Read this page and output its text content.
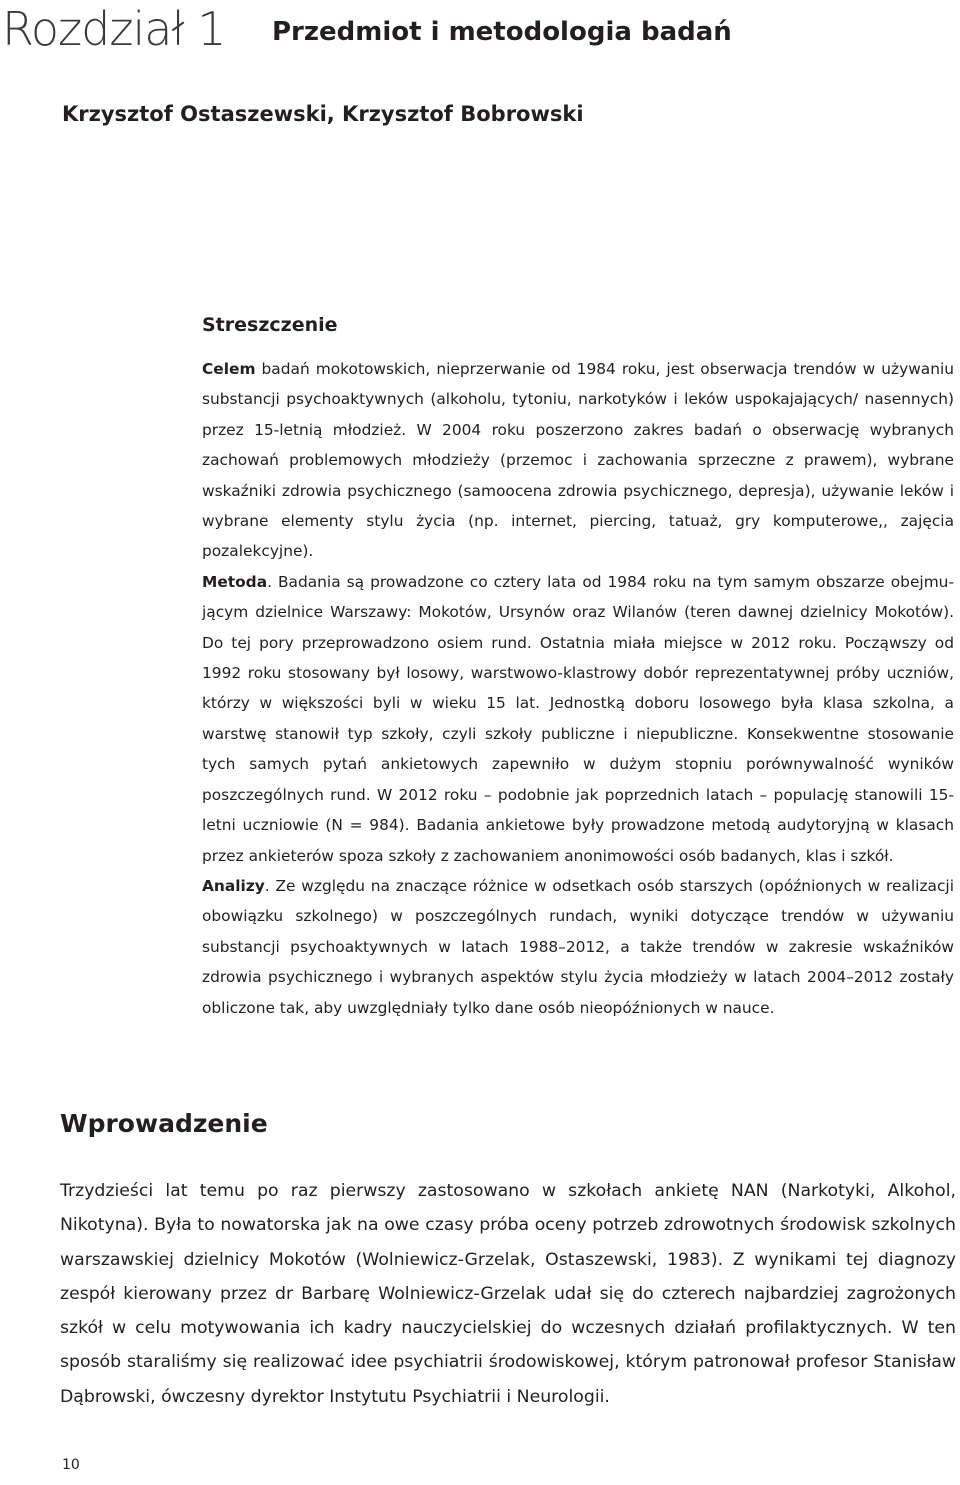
Rozdział 1 Przedmiot i metodologia badań
Krzysztof Ostaszewski, Krzysztof Bobrowski
Streszczenie

Celem badań mokotowskich, nieprzerwanie od 1984 roku, jest obserwacja trendów w używaniu substancji psychoaktywnych (alkoholu, tytoniu, narkotyków i leków uspokajających/ nasennych) przez 15-letnią młodzież. W 2004 roku poszerzono zakres badań o obserwację wybranych zachowań problemowych młodzieży (przemoc i zachowania sprzeczne z prawem), wybrane wskaźniki zdrowia psychicznego (samoocena zdrowia psychicznego, depresja), używanie leków i wybrane elementy stylu życia (np. internet, piercing, tatuaż, gry komputerowe,, zajęcia pozalekcyjne).

Metoda. Badania są prowadzone co cztery lata od 1984 roku na tym samym obszarze obejmującym dzielnice Warszawy: Mokotów, Ursynów oraz Wilanów (teren dawnej dzielnicy Mokotów). Do tej pory przeprowadzono osiem rund. Ostatnia miała miejsce w 2012 roku. Począwszy od 1992 roku stosowany był losowy, warstwowo-klastrowy dobór reprezentatywnej próby uczniów, którzy w większości byli w wieku 15 lat. Jednostką doboru losowego była klasa szkolna, a warstwę stanowił typ szkoły, czyli szkoły publiczne i niepubliczne. Konsekwentne stosowanie tych samych pytań ankietowych zapewniło w dużym stopniu porównywalność wyników poszczególnych rund. W 2012 roku – podobnie jak poprzednich latach – populację stanowili 15-letni uczniowie (N = 984). Badania ankietowe były prowadzone metodą audytoryjną w klasach przez ankieterów spoza szkoły z zachowaniem anonimowości osób badanych, klas i szkół.

Analizy. Ze względu na znaczące różnice w odsetkach osób starszych (opóźnionych w realizacji obowiązku szkolnego) w poszczególnych rundach, wyniki dotyczące trendów w używaniu substancji psychoaktywnych w latach 1988–2012, a także trendów w zakresie wskaźników zdrowia psychicznego i wybranych aspektów stylu życia młodzieży w latach 2004–2012 zostały obliczone tak, aby uwzględniały tylko dane osób nieopóźnionych w nauce.

Wprowadzenie

Trzydzieści lat temu po raz pierwszy zastosowano w szkołach ankietę NAN (Narkotyki, Alkohol, Nikotyna). Była to nowatorska jak na owe czasy próba oceny potrzeb zdrowotnych środowisk szkolnych warszawskiej dzielnicy Mokotów (Wolniewicz-Grzelak, Ostaszewski, 1983). Z wynikami tej diagnozy zespół kierowany przez dr Barbarę Wolniewicz-Grzelak udał się do czterech najbardziej zagrożonych szkół w celu motywowania ich kadry nauczycielskiej do wczesnych działań profilaktycznych. W ten sposób staraliśmy się realizować idee psychiatrii środowiskowej, którym patronował profesor Stanisław Dąbrowski, ówczesny dyrektor Instytutu Psychiatrii i Neurologii.

10
